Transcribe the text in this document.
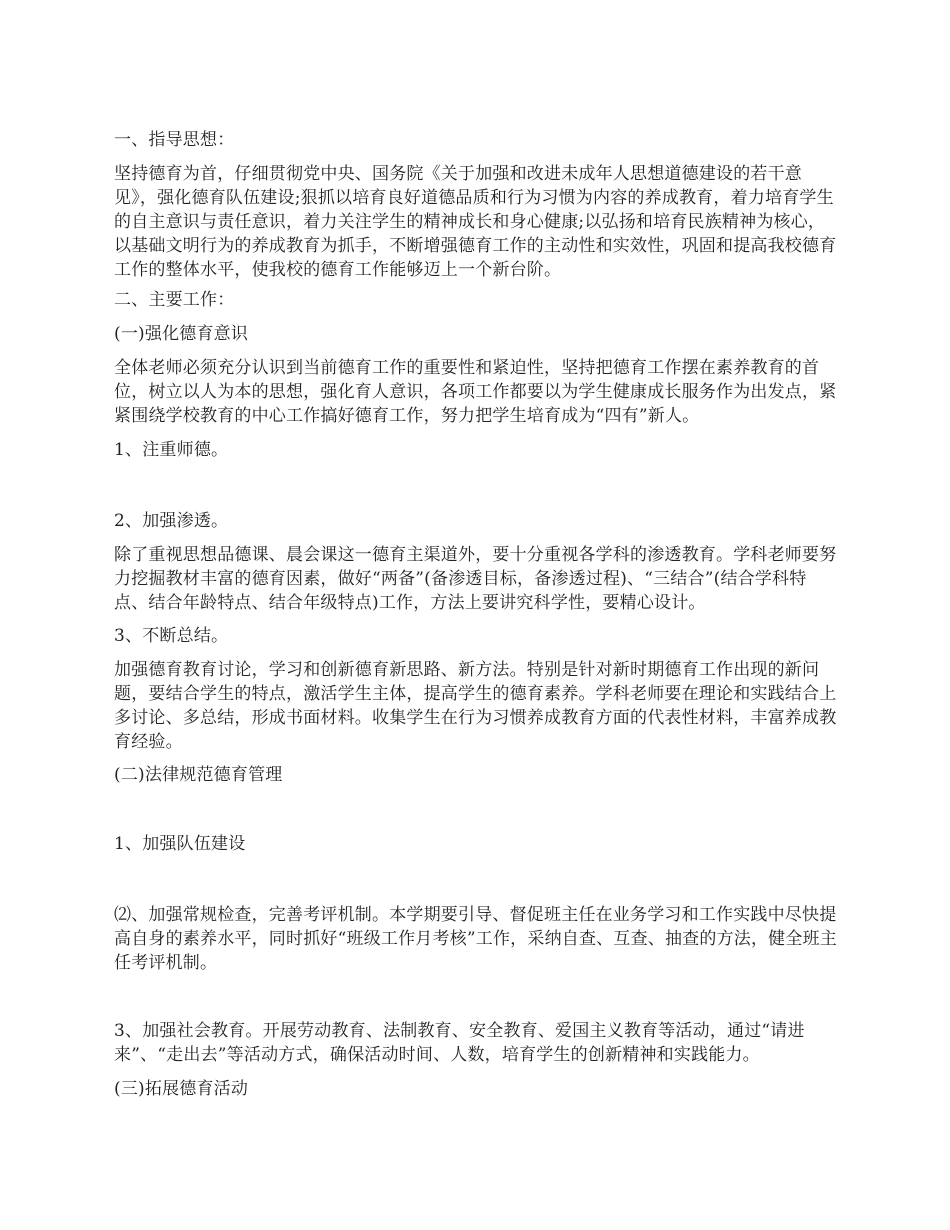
一、指导思想：

坚持德育为首，仔细贯彻党中央、国务院《关于加强和改进未成年人思想道德建设的若干意见》，强化德育队伍建设;狠抓以培育良好道德品质和行为习惯为内容的养成教育，着力培育学生的自主意识与责任意识，着力关注学生的精神成长和身心健康;以弘扬和培育民族精神为核心，以基础文明行为的养成教育为抓手，不断增强德育工作的主动性和实效性，巩固和提高我校德育工作的整体水平，使我校的德育工作能够迈上一个新台阶。

二、主要工作：

(一)强化德育意识

全体老师必须充分认识到当前德育工作的重要性和紧迫性，坚持把德育工作摆在素养教育的首位，树立以人为本的思想，强化育人意识，各项工作都要以为学生健康成长服务作为出发点，紧紧围绕学校教育的中心工作搞好德育工作，努力把学生培育成为“四有”新人。

1、注重师德。

2、加强渗透。

除了重视思想品德课、晨会课这一德育主渠道外，要十分重视各学科的渗透教育。学科老师要努力挖掘教材丰富的德育因素，做好“两备”(备渗透目标，备渗透过程)、“三结合”(结合学科特点、结合年龄特点、结合年级特点)工作，方法上要讲究科学性，要精心设计。

3、不断总结。

加强德育教育讨论，学习和创新德育新思路、新方法。特别是针对新时期德育工作出现的新问题，要结合学生的特点，激活学生主体，提高学生的德育素养。学科老师要在理论和实践结合上多讨论、多总结，形成书面材料。收集学生在行为习惯养成教育方面的代表性材料，丰富养成教育经验。

(二)法律规范德育管理

1、加强队伍建设

⑵、加强常规检查，完善考评机制。本学期要引导、督促班主任在业务学习和工作实践中尽快提高自身的素养水平，同时抓好“班级工作月考核”工作，采纳自查、互查、抽查的方法，健全班主任考评机制。

3、加强社会教育。开展劳动教育、法制教育、安全教育、爱国主义教育等活动，通过“请进来”、“走出去”等活动方式，确保活动时间、人数，培育学生的创新精神和实践能力。

(三)拓展德育活动
